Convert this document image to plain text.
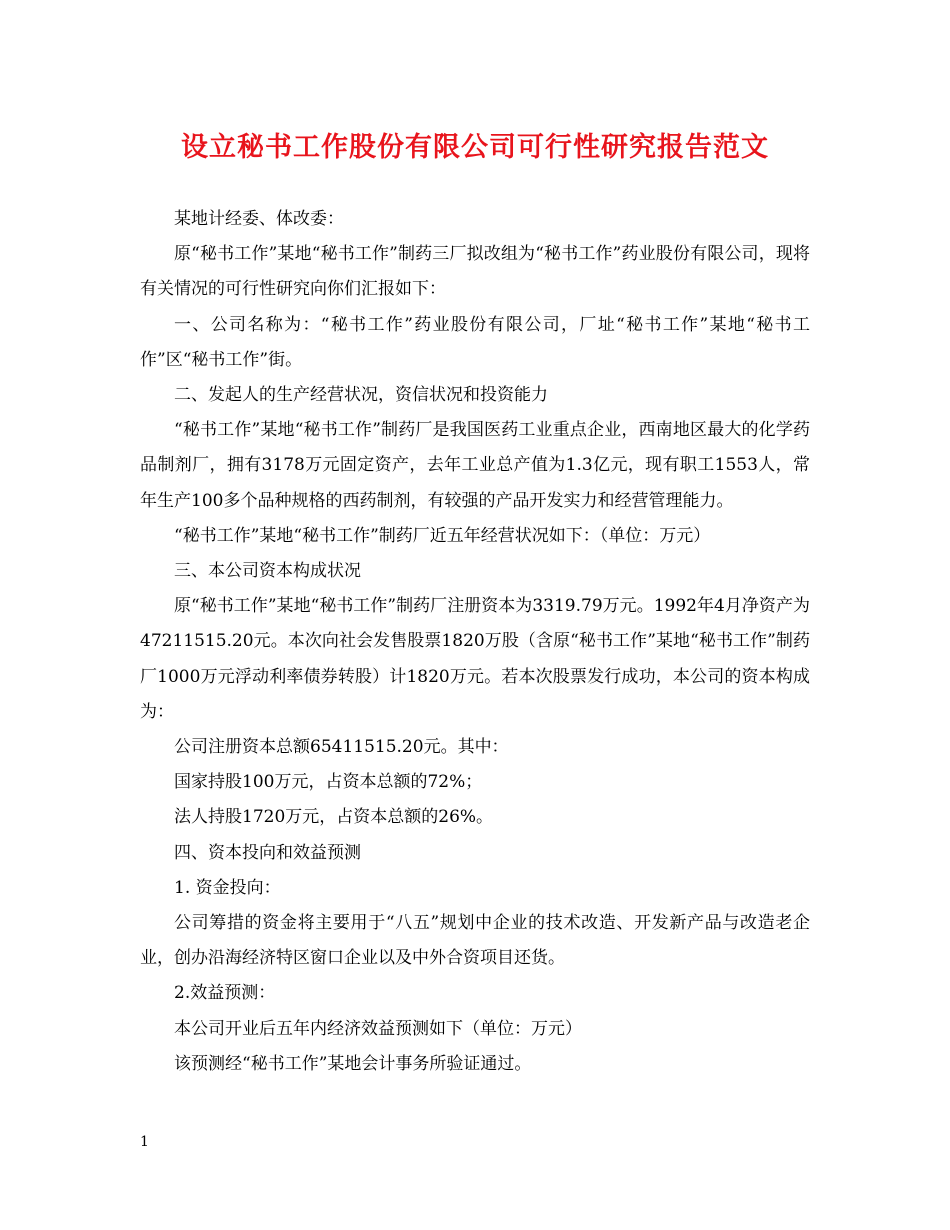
设立秘书工作股份有限公司可行性研究报告范文

某地计经委、体改委：

原“秘书工作”某地“秘书工作”制药三厂拟改组为“秘书工作”药业股份有限公司，现将有关情况的可行性研究向你们汇报如下：

一、公司名称为：“秘书工作”药业股份有限公司，厂址“秘书工作”某地“秘书工作”区“秘书工作”街。

二、发起人的生产经营状况，资信状况和投资能力

“秘书工作”某地“秘书工作”制药厂是我国医药工业重点企业，西南地区最大的化学药品制剂厂，拥有3178万元固定资产，去年工业总产值为1.3亿元，现有职工1553人，常年生产100多个品种规格的西药制剂，有较强的产品开发实力和经营管理能力。

“秘书工作”某地“秘书工作”制药厂近五年经营状况如下：（单位：万元）

三、本公司资本构成状况

原“秘书工作”某地“秘书工作”制药厂注册资本为3319.79万元。1992年4月净资产为47211515.20元。本次向社会发售股票1820万股（含原“秘书工作”某地“秘书工作”制药厂1000万元浮动利率债券转股）计1820万元。若本次股票发行成功，本公司的资本构成为：

公司注册资本总额65411515.20元。其中：

国家持股100万元，占资本总额的72%；

法人持股1720万元，占资本总额的26%。

四、资本投向和效益预测

1. 资金投向：

公司筹措的资金将主要用于“八五”规划中企业的技术改造、开发新产品与改造老企业，创办沿海经济特区窗口企业以及中外合资项目还货。

2.效益预测：

本公司开业后五年内经济效益预测如下（单位：万元）

该预测经“秘书工作”某地会计事务所验证通过。

1
